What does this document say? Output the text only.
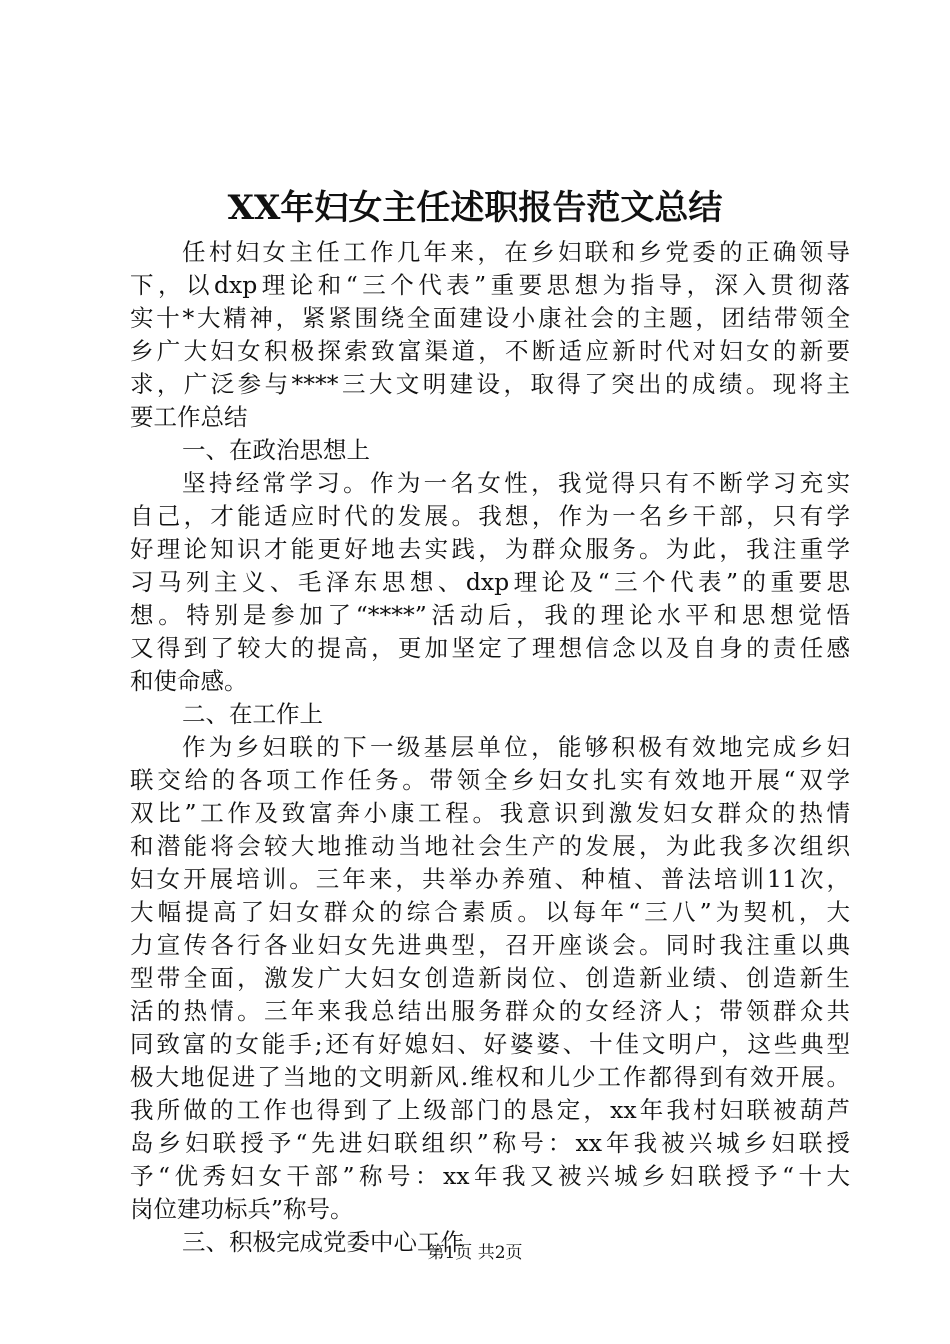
XX年妇女主任述职报告范文总结
任村妇女主任工作几年来，在乡妇联和乡党委的正确领导
下，以dxp理论和“三个代表”重要思想为指导，深入贯彻落
实十*大精神，紧紧围绕全面建设小康社会的主题，团结带领全
乡广大妇女积极探索致富渠道，不断适应新时代对妇女的新要
求，广泛参与****三大文明建设，取得了突出的成绩。现将主
要工作总结
一、在政治思想上
坚持经常学习。作为一名女性，我觉得只有不断学习充实
自己，才能适应时代的发展。我想，作为一名乡干部，只有学
好理论知识才能更好地去实践，为群众服务。为此，我注重学
习马列主义、毛泽东思想、dxp理论及“三个代表”的重要思
想。特别是参加了“****”活动后，我的理论水平和思想觉悟
又得到了较大的提高，更加坚定了理想信念以及自身的责任感
和使命感。
二、在工作上
作为乡妇联的下一级基层单位，能够积极有效地完成乡妇
联交给的各项工作任务。带领全乡妇女扎实有效地开展“双学
双比”工作及致富奔小康工程。我意识到激发妇女群众的热情
和潜能将会较大地推动当地社会生产的发展，为此我多次组织
妇女开展培训。三年来，共举办养殖、种植、普法培训11次，
大幅提高了妇女群众的综合素质。以每年“三八”为契机，大
力宣传各行各业妇女先进典型，召开座谈会。同时我注重以典
型带全面，激发广大妇女创造新岗位、创造新业绩、创造新生
活的热情。三年来我总结出服务群众的女经济人；带领群众共
同致富的女能手;还有好媳妇、好婆婆、十佳文明户，这些典型
极大地促进了当地的文明新风.维权和儿少工作都得到有效开展。
我所做的工作也得到了上级部门的恳定，xx年我村妇联被葫芦
岛乡妇联授予“先进妇联组织”称号：xx年我被兴城乡妇联授
予“优秀妇女干部”称号：xx年我又被兴城乡妇联授予“十大
岗位建功标兵”称号。
三、积极完成党委中心工作
第1页 共2页
